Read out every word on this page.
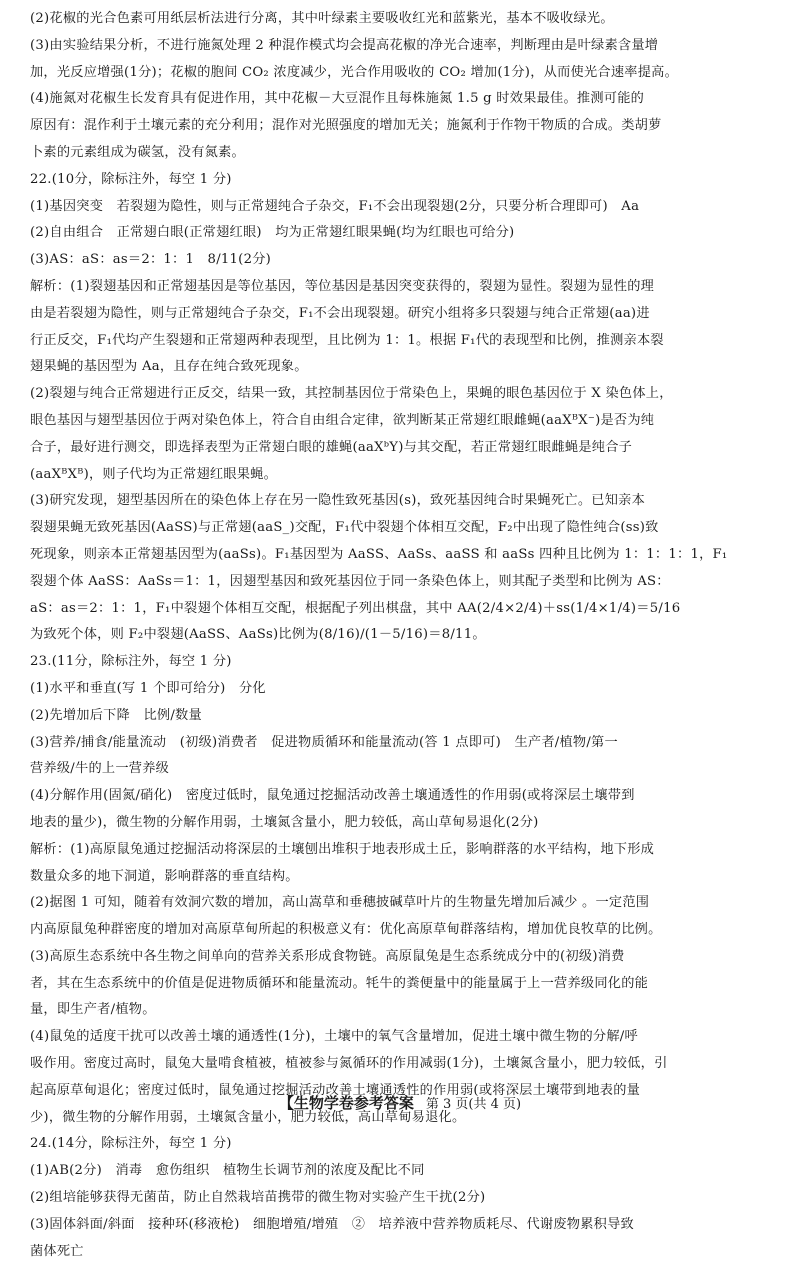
(2)花椒的光合色素可用纸层析法进行分离，其中叶绿素主要吸收红光和蓝紫光，基本不吸收绿光。
(3)由实验结果分析，不进行施氮处理 2 种混作模式均会提高花椒的净光合速率，判断理由是叶绿素含量增
加，光反应增强(1分)；花椒的胞间 CO₂ 浓度减少，光合作用吸收的 CO₂ 增加(1分)，从而使光合速率提高。
(4)施氮对花椒生长发育具有促进作用，其中花椒－大豆混作且每株施氮 1.5 g 时效果最佳。推测可能的
原因有：混作利于土壤元素的充分利用；混作对光照强度的增加无关；施氮利于作物干物质的合成。类胡萝
卜素的元素组成为碳氢，没有氮素。
22.(10分，除标注外，每空 1 分)
(1)基因突变　若裂翅为隐性，则与正常翅纯合子杂交，F₁不会出现裂翅(2分，只要分析合理即可)　Aa
(2)自由组合　正常翅白眼(正常翅红眼)　均为正常翅红眼果蝇(均为红眼也可给分)
(3)AS：aS：as＝2：1：1　8/11(2分)
解析：(1)裂翅基因和正常翅基因是等位基因，等位基因是基因突变获得的，裂翅为显性。裂翅为显性的理
由是若裂翅为隐性，则与正常翅纯合子杂交，F₁不会出现裂翅。研究小组将多只裂翅与纯合正常翅(aa)进
行正反交，F₁代均产生裂翅和正常翅两种表现型，且比例为 1：1。根据 F₁代的表现型和比例，推测亲本裂
翅果蝇的基因型为 Aa，且存在纯合致死现象。
(2)裂翅与纯合正常翅进行正反交，结果一致，其控制基因位于常染色上，果蝇的眼色基因位于 X 染色体上，
眼色基因与翅型基因位于两对染色体上，符合自由组合定律，欲判断某正常翅红眼雌蝇(aaXᴮX⁻)是否为纯
合子，最好进行测交，即选择表型为正常翅白眼的雄蝇(aaXᵇY)与其交配，若正常翅红眼雌蝇是纯合子
(aaXᴮXᴮ)，则子代均为正常翅红眼果蝇。
(3)研究发现，翅型基因所在的染色体上存在另一隐性致死基因(s)，致死基因纯合时果蝇死亡。已知亲本
裂翅果蝇无致死基因(AaSS)与正常翅(aaS_)交配，F₁代中裂翅个体相互交配，F₂中出现了隐性纯合(ss)致
死现象，则亲本正常翅基因型为(aaSs)。F₁基因型为 AaSS、AaSs、aaSS 和 aaSs 四种且比例为 1：1：1：1，F₁
裂翅个体 AaSS：AaSs＝1：1，因翅型基因和致死基因位于同一条染色体上，则其配子类型和比例为 AS：
aS：as＝2：1：1，F₁中裂翅个体相互交配，根据配子列出棋盘，其中 AA(2/4×2/4)＋ss(1/4×1/4)＝5/16
为致死个体，则 F₂中裂翅(AaSS、AaSs)比例为(8/16)/(1－5/16)＝8/11。
23.(11分，除标注外，每空 1 分)
(1)水平和垂直(写 1 个即可给分)　分化
(2)先增加后下降　比例/数量
(3)营养/捕食/能量流动　(初级)消费者　促进物质循环和能量流动(答 1 点即可)　生产者/植物/第一
营养级/牛的上一营养级
(4)分解作用(固氮/硝化)　密度过低时，鼠兔通过挖掘活动改善土壤通透性的作用弱(或将深层土壤带到
地表的量少)，微生物的分解作用弱，土壤氮含量小，肥力较低，高山草甸易退化(2分)
解析：(1)高原鼠兔通过挖掘活动将深层的土壤刨出堆积于地表形成土丘，影响群落的水平结构，地下形成
数量众多的地下洞道，影响群落的垂直结构。
(2)据图 1 可知，随着有效洞穴数的增加，高山嵩草和垂穗披碱草叶片的生物量先增加后减少 。一定范围
内高原鼠兔种群密度的增加对高原草甸所起的积极意义有：优化高原草甸群落结构，增加优良牧草的比例。
(3)高原生态系统中各生物之间单向的营养关系形成食物链。高原鼠兔是生态系统成分中的(初级)消费
者，其在生态系统中的价值是促进物质循环和能量流动。牦牛的粪便量中的能量属于上一营养级同化的能
量，即生产者/植物。
(4)鼠兔的适度干扰可以改善土壤的通透性(1分)，土壤中的氧气含量增加，促进土壤中微生物的分解/呼
吸作用。密度过高时，鼠兔大量啃食植被，植被参与氮循环的作用减弱(1分)，土壤氮含量小，肥力较低，引
起高原草甸退化；密度过低时，鼠兔通过挖掘活动改善土壤通透性的作用弱(或将深层土壤带到地表的量
少)，微生物的分解作用弱，土壤氮含量小，肥力较低，高山草甸易退化。
24.(14分，除标注外，每空 1 分)
(1)AB(2分)　消毒　愈伤组织　植物生长调节剂的浓度及配比不同
(2)组培能够获得无菌苗，防止自然栽培苗携带的微生物对实验产生干扰(2分)
(3)固体斜面/斜面　接种环(移液枪)　细胞增殖/增殖　②　培养液中营养物质耗尽、代谢废物累积导致
菌体死亡
【生物学卷参考答案 第 3 页(共 4 页)
